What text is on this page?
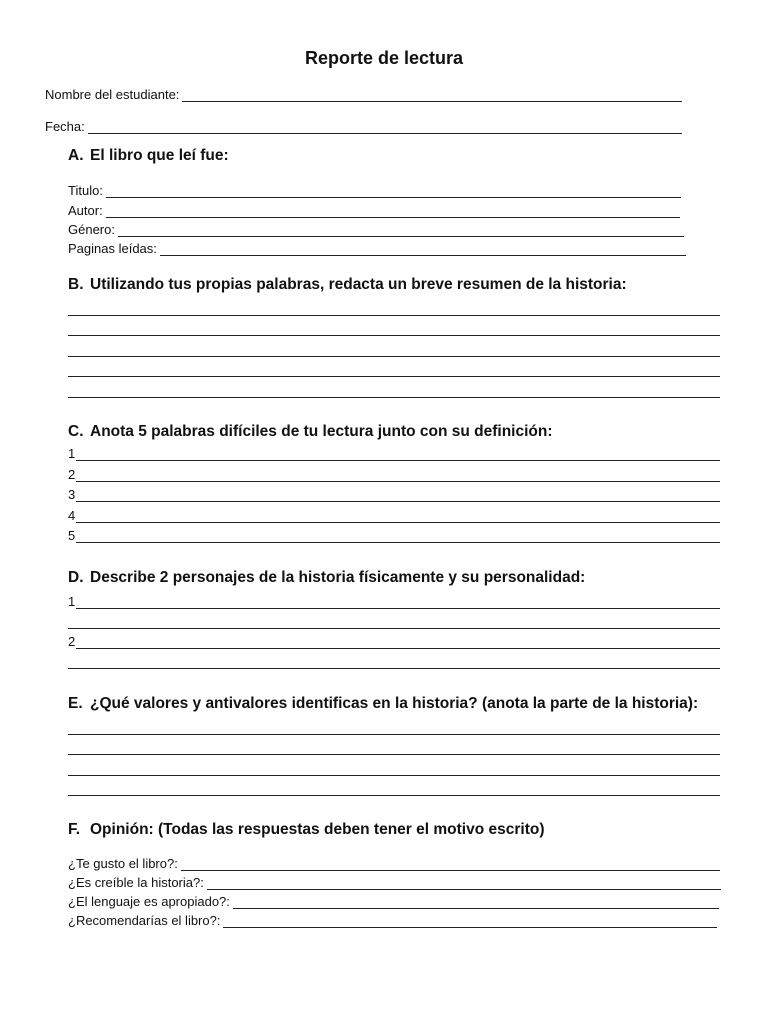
Reporte de lectura
Nombre del estudiante:
Fecha:
A. El libro que leí fue:
Titulo:
Autor:
Género:
Paginas leídas:
B. Utilizando tus propias palabras, redacta un breve resumen de la historia:
C. Anota 5 palabras difíciles de tu lectura junto con su definición:
1
2
3
4
5
D. Describe 2 personajes de la historia físicamente y su personalidad:
1
2
E. ¿Qué valores y antivalores identificas en la historia? (anota la parte de la historia):
F. Opinión: (Todas las respuestas deben tener el motivo escrito)
¿Te gusto el libro?:
¿Es creíble la historia?:
¿El lenguaje es apropiado?:
¿Recomendarías el libro?:
